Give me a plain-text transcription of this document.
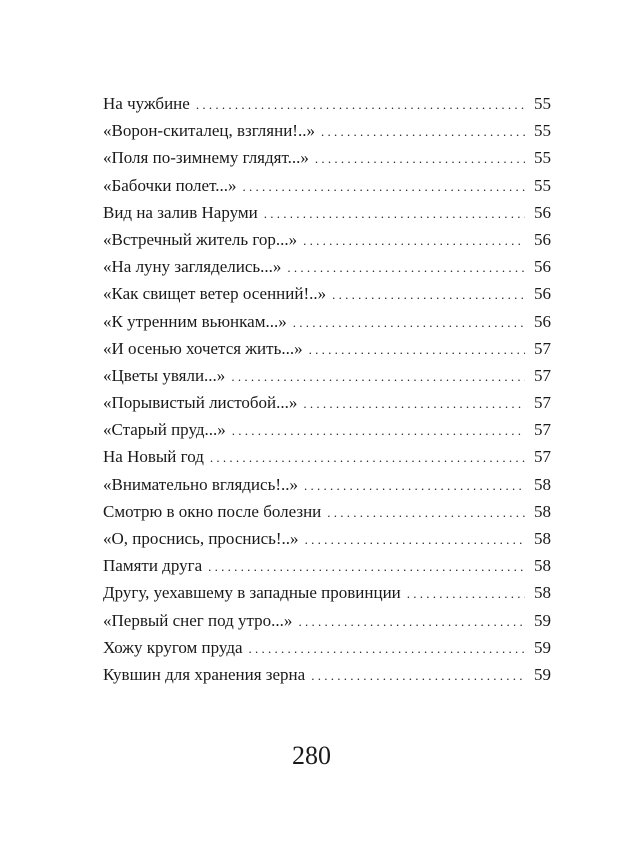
На чужбине . . .	55
«Ворон-скиталец, взгляни!..» . . .	55
«Поля по-зимнему глядят...» . . .	55
«Бабочки полет...» . . .	55
Вид на залив Наруми . . .	56
«Встречный житель гор...» . . .	56
«На луну загляделись...» . . .	56
«Как свищет ветер осенний!..» . . .	56
«К утренним вьюнкам...» . . .	56
«И осенью хочется жить...» . . .	57
«Цветы увяли...» . . .	57
«Порывистый листобой...» . . .	57
«Старый пруд...» . . .	57
На Новый год . . .	57
«Внимательно вглядись!..» . . .	58
Смотрю в окно после болезни . . .	58
«О, проснись, проснись!..» . . .	58
Памяти друга . . .	58
Другу, уехавшему в западные провинции . . .	58
«Первый снег под утро...» . . .	59
Хожу кругом пруда . . .	59
Кувшин для хранения зерна . . .	59
280
